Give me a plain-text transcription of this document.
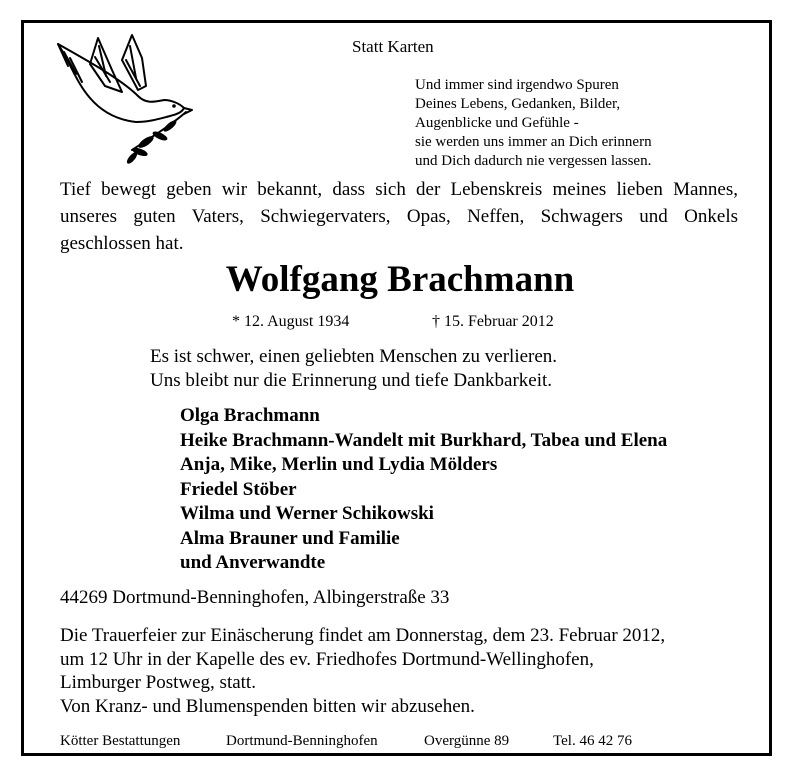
Statt Karten
Und immer sind irgendwo Spuren
Deines Lebens, Gedanken, Bilder,
Augenblicke und Gefühle -
sie werden uns immer an Dich erinnern
und Dich dadurch nie vergessen lassen.
Tief bewegt geben wir bekannt, dass sich der Lebenskreis meines lieben Mannes,
unseres guten Vaters, Schwiegervaters, Opas, Neffen, Schwagers und Onkels
geschlossen hat.
Wolfgang Brachmann
* 12. August 1934	† 15. Februar 2012
Es ist schwer, einen geliebten Menschen zu verlieren.
Uns bleibt nur die Erinnerung und tiefe Dankbarkeit.
Olga Brachmann
Heike Brachmann-Wandelt mit Burkhard, Tabea und Elena
Anja, Mike, Merlin und Lydia Mölders
Friedel Stöber
Wilma und Werner Schikowski
Alma Brauner und Familie
und Anverwandte
44269 Dortmund-Benninghofen, Albingerstraße 33
Die Trauerfeier zur Einäscherung findet am Donnerstag, dem 23. Februar 2012,
um 12 Uhr in der Kapelle des ev. Friedhofes Dortmund-Wellinghofen,
Limburger Postweg, statt.
Von Kranz- und Blumenspenden bitten wir abzusehen.
Kötter Bestattungen	Dortmund-Benninghofen	Overgünne 89	Tel. 46 42 76
